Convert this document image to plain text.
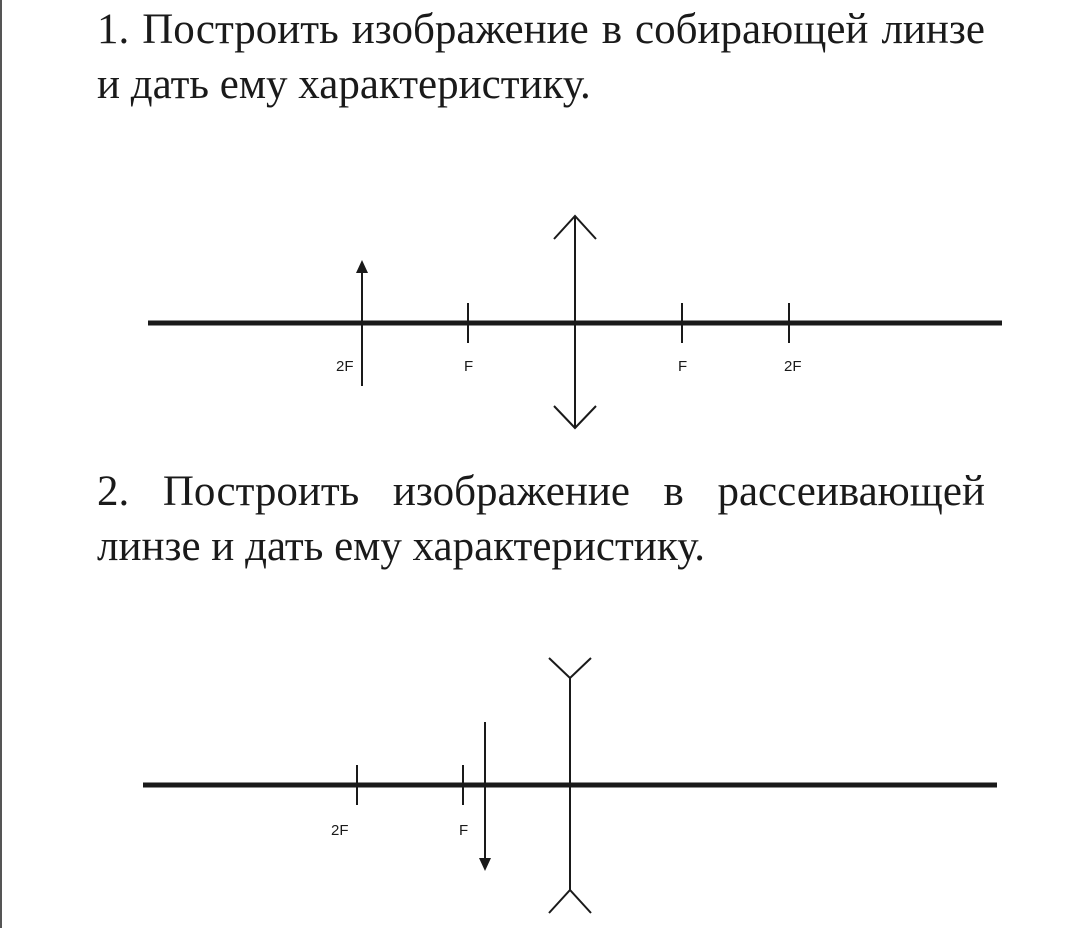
1. Построить изображение в собирающей линзе и дать ему характеристику.

2F	F	F	2F

2. Построить изображение в рассеивающей линзе и дать ему характеристику.

2F	F
